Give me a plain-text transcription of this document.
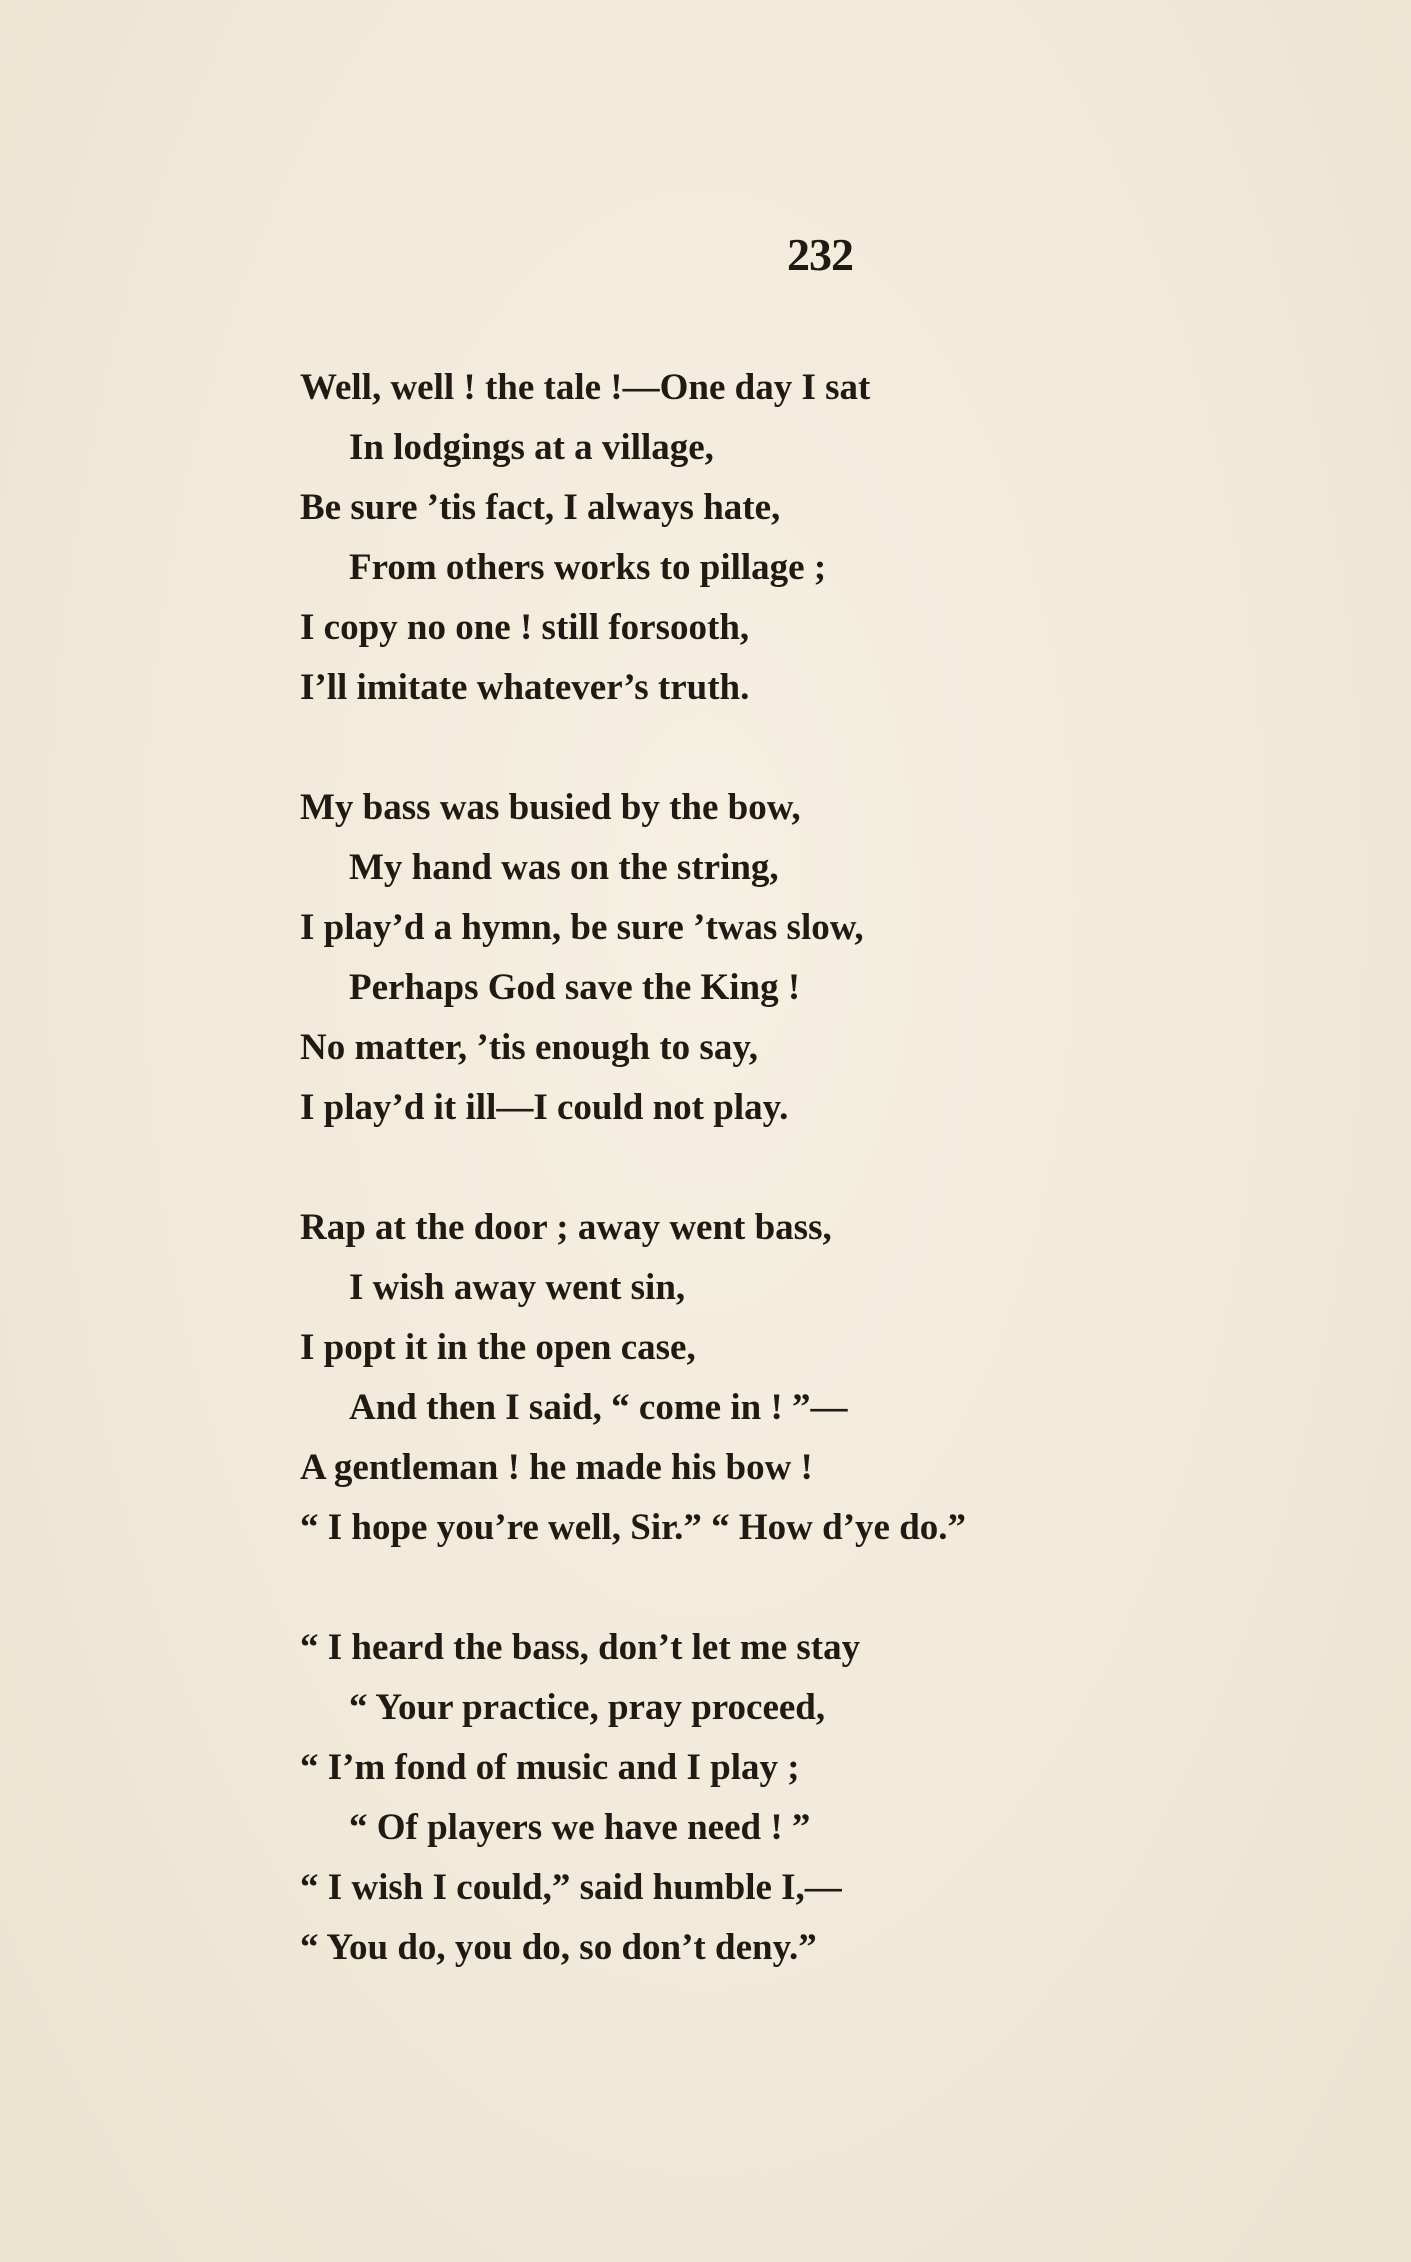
232
Well, well ! the tale !—One day I sat
In lodgings at a village,
Be sure ’tis fact, I always hate,
From others works to pillage ;
I copy no one ! still forsooth,
I’ll imitate whatever’s truth.
My bass was busied by the bow,
My hand was on the string,
I play’d a hymn, be sure ’twas slow,
Perhaps God save the King !
No matter, ’tis enough to say,
I play’d it ill—I could not play.
Rap at the door ; away went bass,
I wish away went sin,
I popt it in the open case,
And then I said, “ come in ! ”—
A gentleman ! he made his bow !
“ I hope you’re well, Sir.” “ How d’ye do.”
“ I heard the bass, don’t let me stay
“ Your practice, pray proceed,
“ I’m fond of music and I play ;
“ Of players we have need ! ”
“ I wish I could,” said humble I,—
“ You do, you do, so don’t deny.”
